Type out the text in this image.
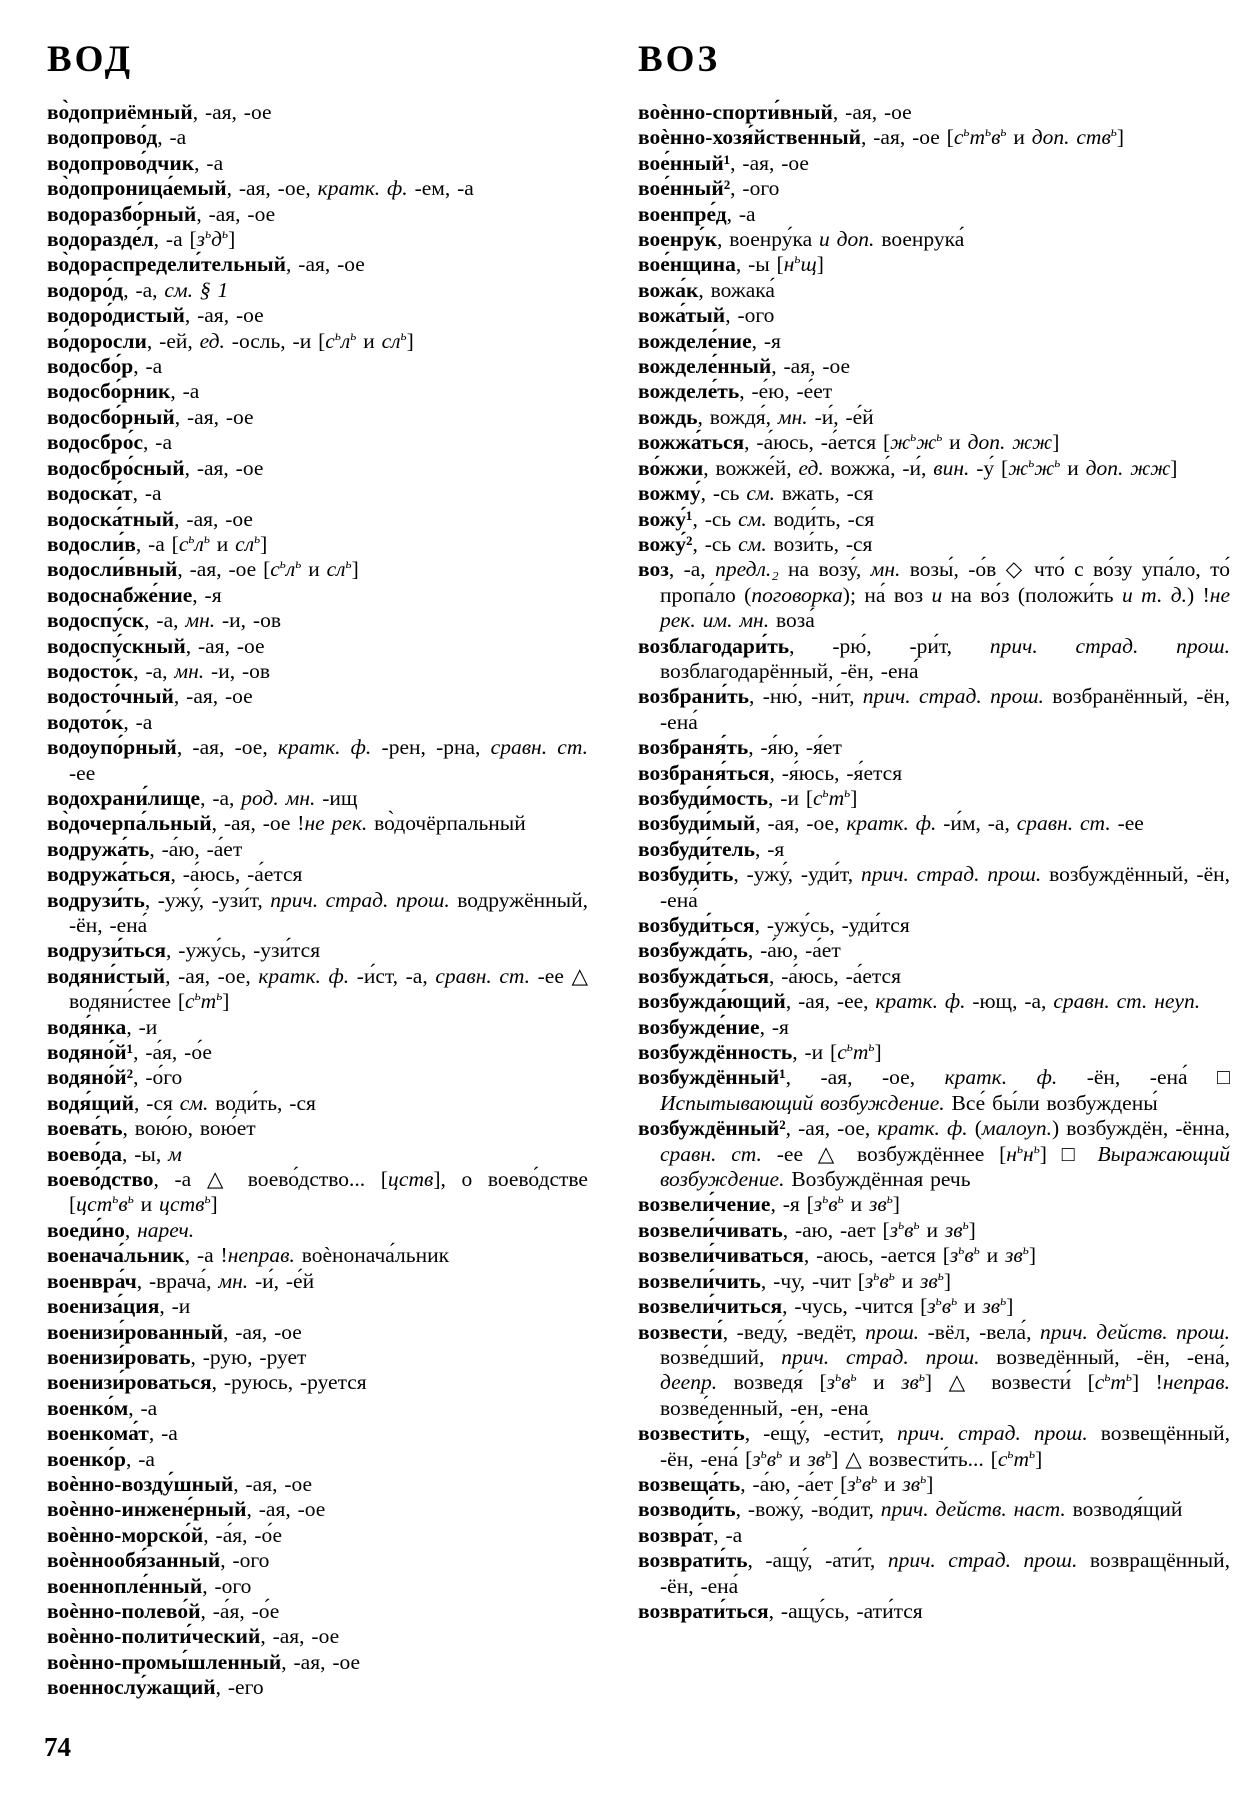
ВОД
во̀доприёмный, -ая, -ое
водопрово́д, -а
водопрово́дчик, -а
во̀допроница́емый, -ая, -ое, кратк. ф. -ем, -а
водоразбо́рный, -ая, -ое
водоразде́л, -а $[з^ьд^ь]$
во̀дораспредели́тельный, -ая, -ое
водоро́д, -а, см. § 1
водоро́дистый, -ая, -ое
во́доросли, -ей, ед. -осль, -и [$с^ьл^ь$ и $сл^ь$]
водосбо́р, -а
водосбо́рник, -а
водосбо́рный, -ая, -ое
водосбро́с, -а
водосбро́сный, -ая, -ое
водоска́т, -а
водоска́тный, -ая, -ое
водосли́в, -а [$с^ьл^ь$ и $сл^ь$]
водосли́вный, -ая, -ое [$с^ьл^ь$ и $сл^ь$]
водоснабже́ние, -я
водоспу́ск, -а, мн. -и, -ов
водоспу́скный, -ая, -ое
водосто́к, -а, мн. -и, -ов
водосто́чный, -ая, -ое
водото́к, -а
водоупо́рный, -ая, -ое, кратк. ф. -рен, -рна, сравн. ст. -ее
водохрани́лище, -а, род. мн. -ищ
во̀дочерпа́льный, -ая, -ое !не рек. во̀дочёрпальный
водружа́ть, -а́ю, -а́ет
водружа́ться, -а́юсь, -а́ется
водрузи́ть, -ужу́, -узи́т, прич. страд. прош. водружённый, -ён, -ена́
водрузи́ться, -ужу́сь, -узи́тся
водяни́стый, -ая, -ое, кратк. ф. -и́ст, -а, сравн. ст. -ее △ водяни́стее $[с^ьт^ь]$
водя́нка, -и
водяно́й¹, -а́я, -о́е
водяно́й², -о́го
водя́щий, -ся см. води́ть, -ся
воева́ть, вою́ю, вою́ет
воево́да, -ы, м
воево́дство, -а △ воево́дство... [цств], о воево́дстве [$цст^ьв^ь$ и цств$^ь$]
воеди́но, нареч.
военача́льник, -а !неправ. воѐнонача́льник
военвра́ч, -врача́, мн. -и́, -е́й
воениза́ция, -и
военизи́рованный, -ая, -ое
военизи́ровать, -рую, -рует
военизи́роваться, -руюсь, -руется
военко́м, -а
военкома́т, -а
военко́р, -а
воѐнно-возду́шный, -ая, -ое
воѐнно-инжене́рный, -ая, -ое
воѐнно-морско́й, -а́я, -о́е
воѐннообя́занный, -ого
военнопле́нный, -ого
воѐнно-полево́й, -а́я, -о́е
воѐнно-полити́ческий, -ая, -ое
воѐнно-промы́шленный, -ая, -ое
военнослу́жащий, -его
ВОЗ
воѐнно-спорти́вный, -ая, -ое
воѐнно-хозя́йственный, -ая, -ое [$с^ьт^ьв^ь$ и доп. ств$^ь$]
вое́нный¹, -ая, -ое
вое́нный², -ого
военпре́д, -а
военру́к, военру́ка и доп. военрука́
вое́нщина, -ы $[н^ьщ]$
вожа́к, вожака́
вожа́тый, -ого
вожделе́ние, -я
вожделе́нный, -ая, -ое
вожделе́ть, -е́ю, -е́ет
вождь, вождя́, мн. -и́, -е́й
вожжа́ться, -а́юсь, -а́ется [$ж^ьж^ь$ и доп. жж]
во́жжи, вожже́й, ед. вожжа́, -и́, вин. -у́ [$ж^ьж^ь$ и доп. жж]
вожму́, -сь см. вжать, -ся
вожу́¹, -сь см. води́ть, -ся
вожу́², -сь см. вози́ть, -ся
воз, -а, предл.₂ на возу́, мн. возы́, -о́в ◇ что́ с во́зу упа́ло, то́ пропа́ло (поговорка); на́ воз и на во́з (положи́ть и т. д.) !не рек. им. мн. воза́
возблагодари́ть, -рю́, -ри́т, прич. страд. прош. возблагодарённый, -ён, -ена́
возбрани́ть, -ню́, -ни́т, прич. страд. прош. возбранённый, -ён, -ена́
возбраня́ть, -я́ю, -я́ет
возбраня́ться, -я́юсь, -я́ется
возбуди́мость, -и $[с^ьт^ь]$
возбуди́мый, -ая, -ое, кратк. ф. -и́м, -а, сравн. ст. -ее
возбуди́тель, -я
возбуди́ть, -ужу́, -уди́т, прич. страд. прош. возбуждённый, -ён, -ена́
возбуди́ться, -ужу́сь, -уди́тся
возбужда́ть, -а́ю, -а́ет
возбужда́ться, -а́юсь, -а́ется
возбужда́ющий, -ая, -ее, кратк. ф. -ющ, -а, сравн. ст. неуп.
возбужде́ние, -я
возбуждённость, -и $[с^ьт^ь]$
возбуждённый¹, -ая, -ое, кратк. ф. -ён, -ена́ □ Испытывающий возбуждение. Все́ бы́ли возбуждены́
возбуждённый², -ая, -ое, кратк. ф. (малоуп.) возбуждён, -ённа, сравн. ст. -ее △ возбуждённее $[н^ьн^ь]$ □ Выражающий возбуждение. Возбуждённая речь
возвели́чение, -я [$з^ьв^ь$ и $зв^ь$]
возвели́чивать, -аю, -ает [$з^ьв^ь$ и $зв^ь$]
возвели́чиваться, -аюсь, -ается [$з^ьв^ь$ и $зв^ь$]
возвели́чить, -чу, -чит [$з^ьв^ь$ и $зв^ь$]
возвели́читься, -чусь, -чится [$з^ьв^ь$ и $зв^ь$]
возвести́, -веду́, -ведёт, прош. -вёл, -вела́, прич. действ. прош. возве́дший, прич. страд. прош. возведённый, -ён, -ена́, деепр. возведя́ [$з^ьв^ь$ и $зв^ь$] △ возвести́ $[с^ьт^ь]$ !неправ. возве́денный, -ен, -ена
возвести́ть, -ещу́, -ести́т, прич. страд. прош. возвещённый, -ён, -ена́ [$з^ьв^ь$ и $зв^ь$] △ возвести́ть... $[с^ьт^ь]$
возвеща́ть, -а́ю, -а́ет [$з^ьв^ь$ и $зв^ь$]
возводи́ть, -вожу́, -во́дит, прич. действ. наст. возводя́щий
возвра́т, -а
возврати́ть, -ащу́, -ати́т, прич. страд. прош. возвращённый, -ён, -ена́
возврати́ться, -ащу́сь, -ати́тся
74
